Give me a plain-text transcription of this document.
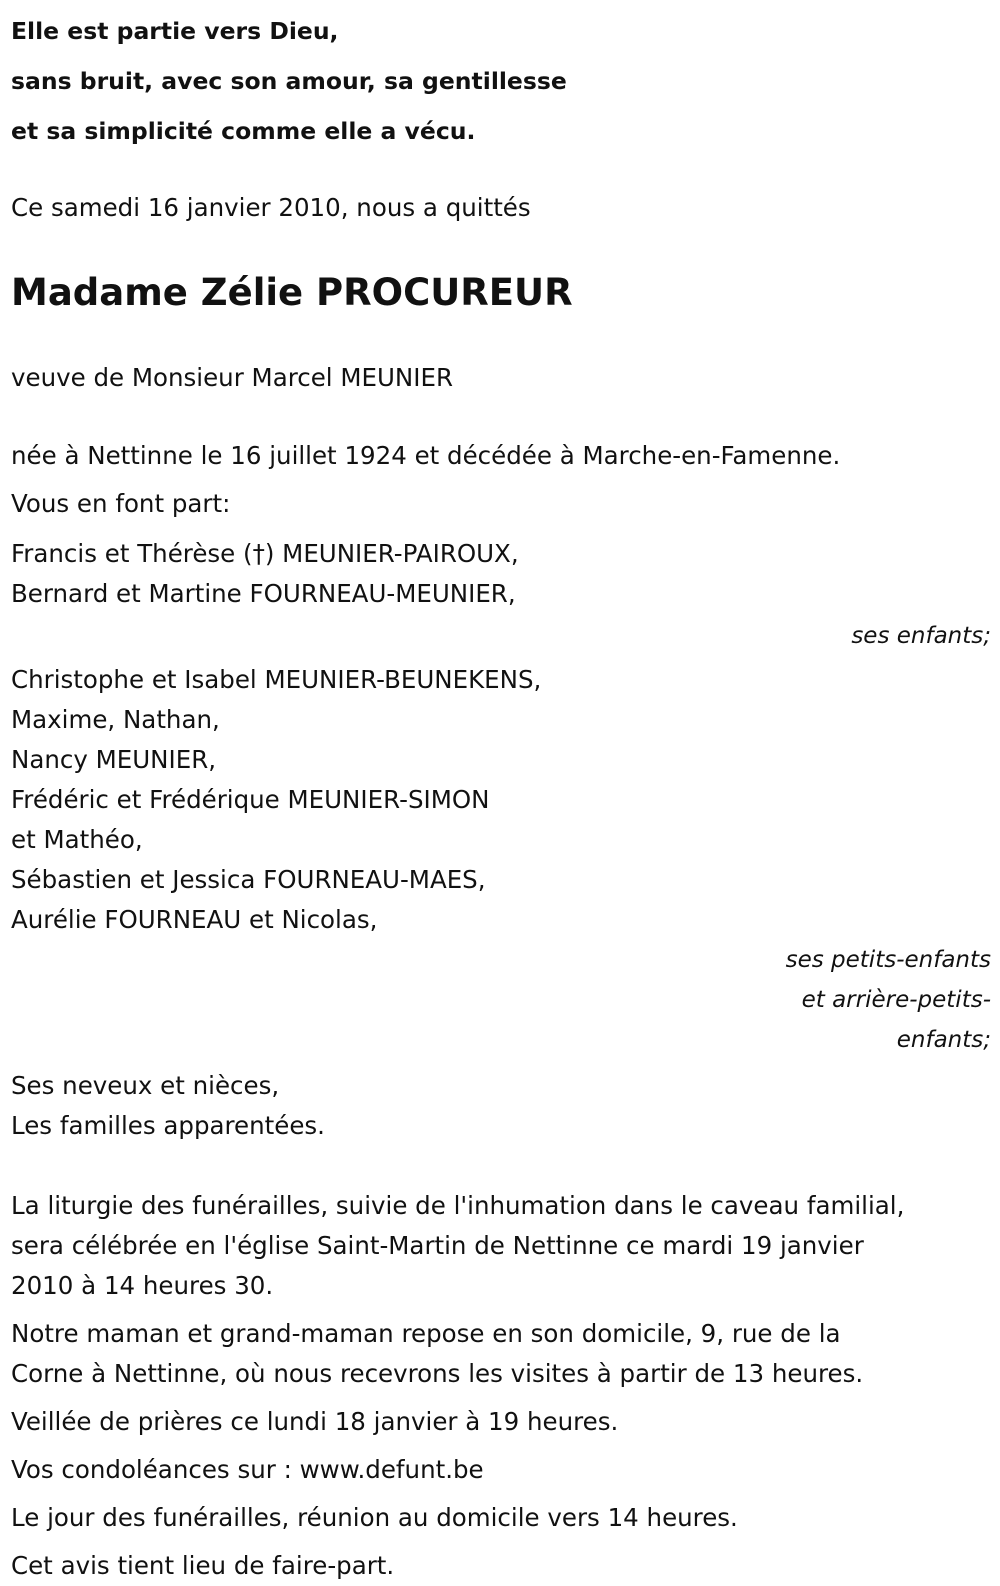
Elle est partie vers Dieu,

sans bruit, avec son amour, sa gentillesse

et sa simplicité comme elle a vécu.

Ce samedi 16 janvier 2010, nous a quittés

Madame Zélie PROCUREUR

veuve de Monsieur Marcel MEUNIER

née à Nettinne le 16 juillet 1924 et décédée à Marche-en-Famenne.

Vous en font part:

Francis et Thérèse (†) MEUNIER-PAIROUX,

Bernard et Martine FOURNEAU-MEUNIER,

ses enfants;

Christophe et Isabel MEUNIER-BEUNEKENS,

Maxime, Nathan,

Nancy MEUNIER,

Frédéric et Frédérique MEUNIER-SIMON

et Mathéo,

Sébastien et Jessica FOURNEAU-MAES,

Aurélie FOURNEAU et Nicolas,

ses petits-enfants

et arrière-petits-

enfants;

Ses neveux et nièces,

Les familles apparentées.

La liturgie des funérailles, suivie de l'inhumation dans le caveau familial,

sera célébrée en l'église Saint-Martin de Nettinne ce mardi 19 janvier

2010 à 14 heures 30.

Notre maman et grand-maman repose en son domicile, 9, rue de la

Corne à Nettinne, où nous recevrons les visites à partir de 13 heures.

Veillée de prières ce lundi 18 janvier à 19 heures.

Vos condoléances sur : www.defunt.be

Le jour des funérailles, réunion au domicile vers 14 heures.

Cet avis tient lieu de faire-part.
